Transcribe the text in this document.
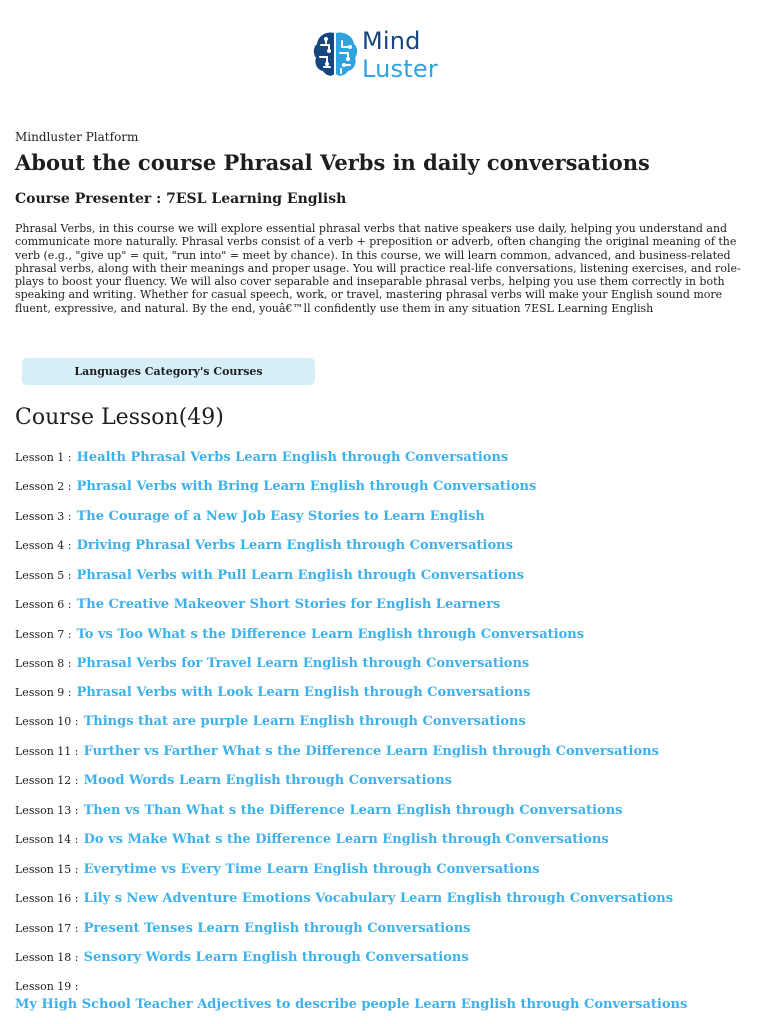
Mind
Luster
Mindluster Platform
About the course Phrasal Verbs in daily conversations
Course Presenter : 7ESL Learning English

Phrasal Verbs, in this course we will explore essential phrasal verbs that native speakers use daily, helping you understand and communicate more naturally. Phrasal verbs consist of a verb + preposition or adverb, often changing the original meaning of the verb (e.g., "give up" = quit, "run into" = meet by chance). In this course, we will learn common, advanced, and business-related phrasal verbs, along with their meanings and proper usage. You will practice real-life conversations, listening exercises, and role-plays to boost your fluency. We will also cover separable and inseparable phrasal verbs, helping you use them correctly in both speaking and writing. Whether for casual speech, work, or travel, mastering phrasal verbs will make your English sound more fluent, expressive, and natural. By the end, youâ€™ll confidently use them in any situation 7ESL Learning English

Languages Category's Courses
Course Lesson(49)
Lesson 1 : Health Phrasal Verbs Learn English through Conversations
Lesson 2 : Phrasal Verbs with Bring Learn English through Conversations
Lesson 3 : The Courage of a New Job Easy Stories to Learn English
Lesson 4 : Driving Phrasal Verbs Learn English through Conversations
Lesson 5 : Phrasal Verbs with Pull Learn English through Conversations
Lesson 6 : The Creative Makeover Short Stories for English Learners
Lesson 7 : To vs Too What s the Difference Learn English through Conversations
Lesson 8 : Phrasal Verbs for Travel Learn English through Conversations
Lesson 9 : Phrasal Verbs with Look Learn English through Conversations
Lesson 10 : Things that are purple Learn English through Conversations
Lesson 11 : Further vs Farther What s the Difference Learn English through Conversations
Lesson 12 : Mood Words Learn English through Conversations
Lesson 13 : Then vs Than What s the Difference Learn English through Conversations
Lesson 14 : Do vs Make What s the Difference Learn English through Conversations
Lesson 15 : Everytime vs Every Time Learn English through Conversations
Lesson 16 : Lily s New Adventure Emotions Vocabulary Learn English through Conversations
Lesson 17 : Present Tenses Learn English through Conversations
Lesson 18 : Sensory Words Learn English through Conversations
Lesson 19 :
My High School Teacher Adjectives to describe people Learn English through Conversations
